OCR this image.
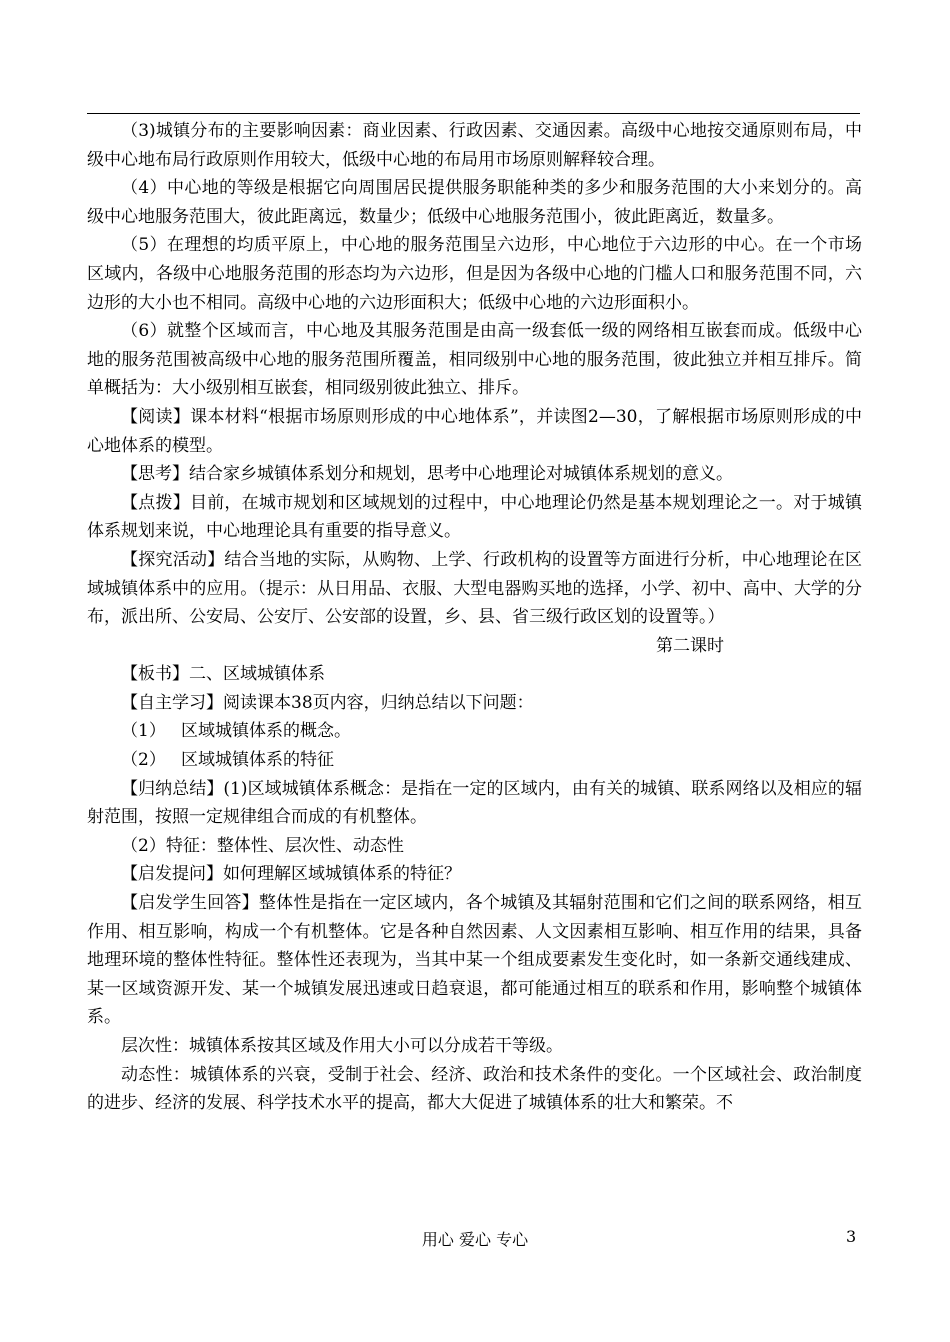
（3)城镇分布的主要影响因素：商业因素、行政因素、交通因素。高级中心地按交通原则布局，中级中心地布局行政原则作用较大，低级中心地的布局用市场原则解释较合理。

（4）中心地的等级是根据它向周围居民提供服务职能种类的多少和服务范围的大小来划分的。高级中心地服务范围大，彼此距离远，数量少；低级中心地服务范围小，彼此距离近，数量多。

（5）在理想的均质平原上，中心地的服务范围呈六边形，中心地位于六边形的中心。在一个市场区域内，各级中心地服务范围的形态均为六边形，但是因为各级中心地的门槛人口和服务范围不同，六边形的大小也不相同。高级中心地的六边形面积大；低级中心地的六边形面积小。

（6）就整个区域而言，中心地及其服务范围是由高一级套低一级的网络相互嵌套而成。低级中心地的服务范围被高级中心地的服务范围所覆盖，相同级别中心地的服务范围，彼此独立并相互排斥。简单概括为：大小级别相互嵌套，相同级别彼此独立、排斥。

【阅读】课本材料“根据市场原则形成的中心地体系”，并读图2—30，了解根据市场原则形成的中心地体系的模型。

【思考】结合家乡城镇体系划分和规划，思考中心地理论对城镇体系规划的意义。

【点拨】目前，在城市规划和区域规划的过程中，中心地理论仍然是基本规划理论之一。对于城镇体系规划来说，中心地理论具有重要的指导意义。

【探究活动】结合当地的实际，从购物、上学、行政机构的设置等方面进行分析，中心地理论在区域城镇体系中的应用。（提示：从日用品、衣服、大型电器购买地的选择，小学、初中、高中、大学的分布，派出所、公安局、公安厅、公安部的设置，乡、县、省三级行政区划的设置等。）

第二课时

【板书】二、区域城镇体系

【自主学习】阅读课本38页内容，归纳总结以下问题：

（1） 区域城镇体系的概念。

（2） 区域城镇体系的特征

【归纳总结】(1)区域城镇体系概念：是指在一定的区域内，由有关的城镇、联系网络以及相应的辐射范围，按照一定规律组合而成的有机整体。

（2）特征：整体性、层次性、动态性

【启发提问】如何理解区域城镇体系的特征？

【启发学生回答】整体性是指在一定区域内，各个城镇及其辐射范围和它们之间的联系网络，相互作用、相互影响，构成一个有机整体。它是各种自然因素、人文因素相互影响、相互作用的结果，具备地理环境的整体性特征。整体性还表现为，当其中某一个组成要素发生变化时，如一条新交通线建成、某一区域资源开发、某一个城镇发展迅速或日趋衰退，都可能通过相互的联系和作用，影响整个城镇体系。

层次性：城镇体系按其区域及作用大小可以分成若干等级。

动态性：城镇体系的兴衰，受制于社会、经济、政治和技术条件的变化。一个区域社会、政治制度的进步、经济的发展、科学技术水平的提高，都大大促进了城镇体系的壮大和繁荣。不

用心 爱心 专心	3
